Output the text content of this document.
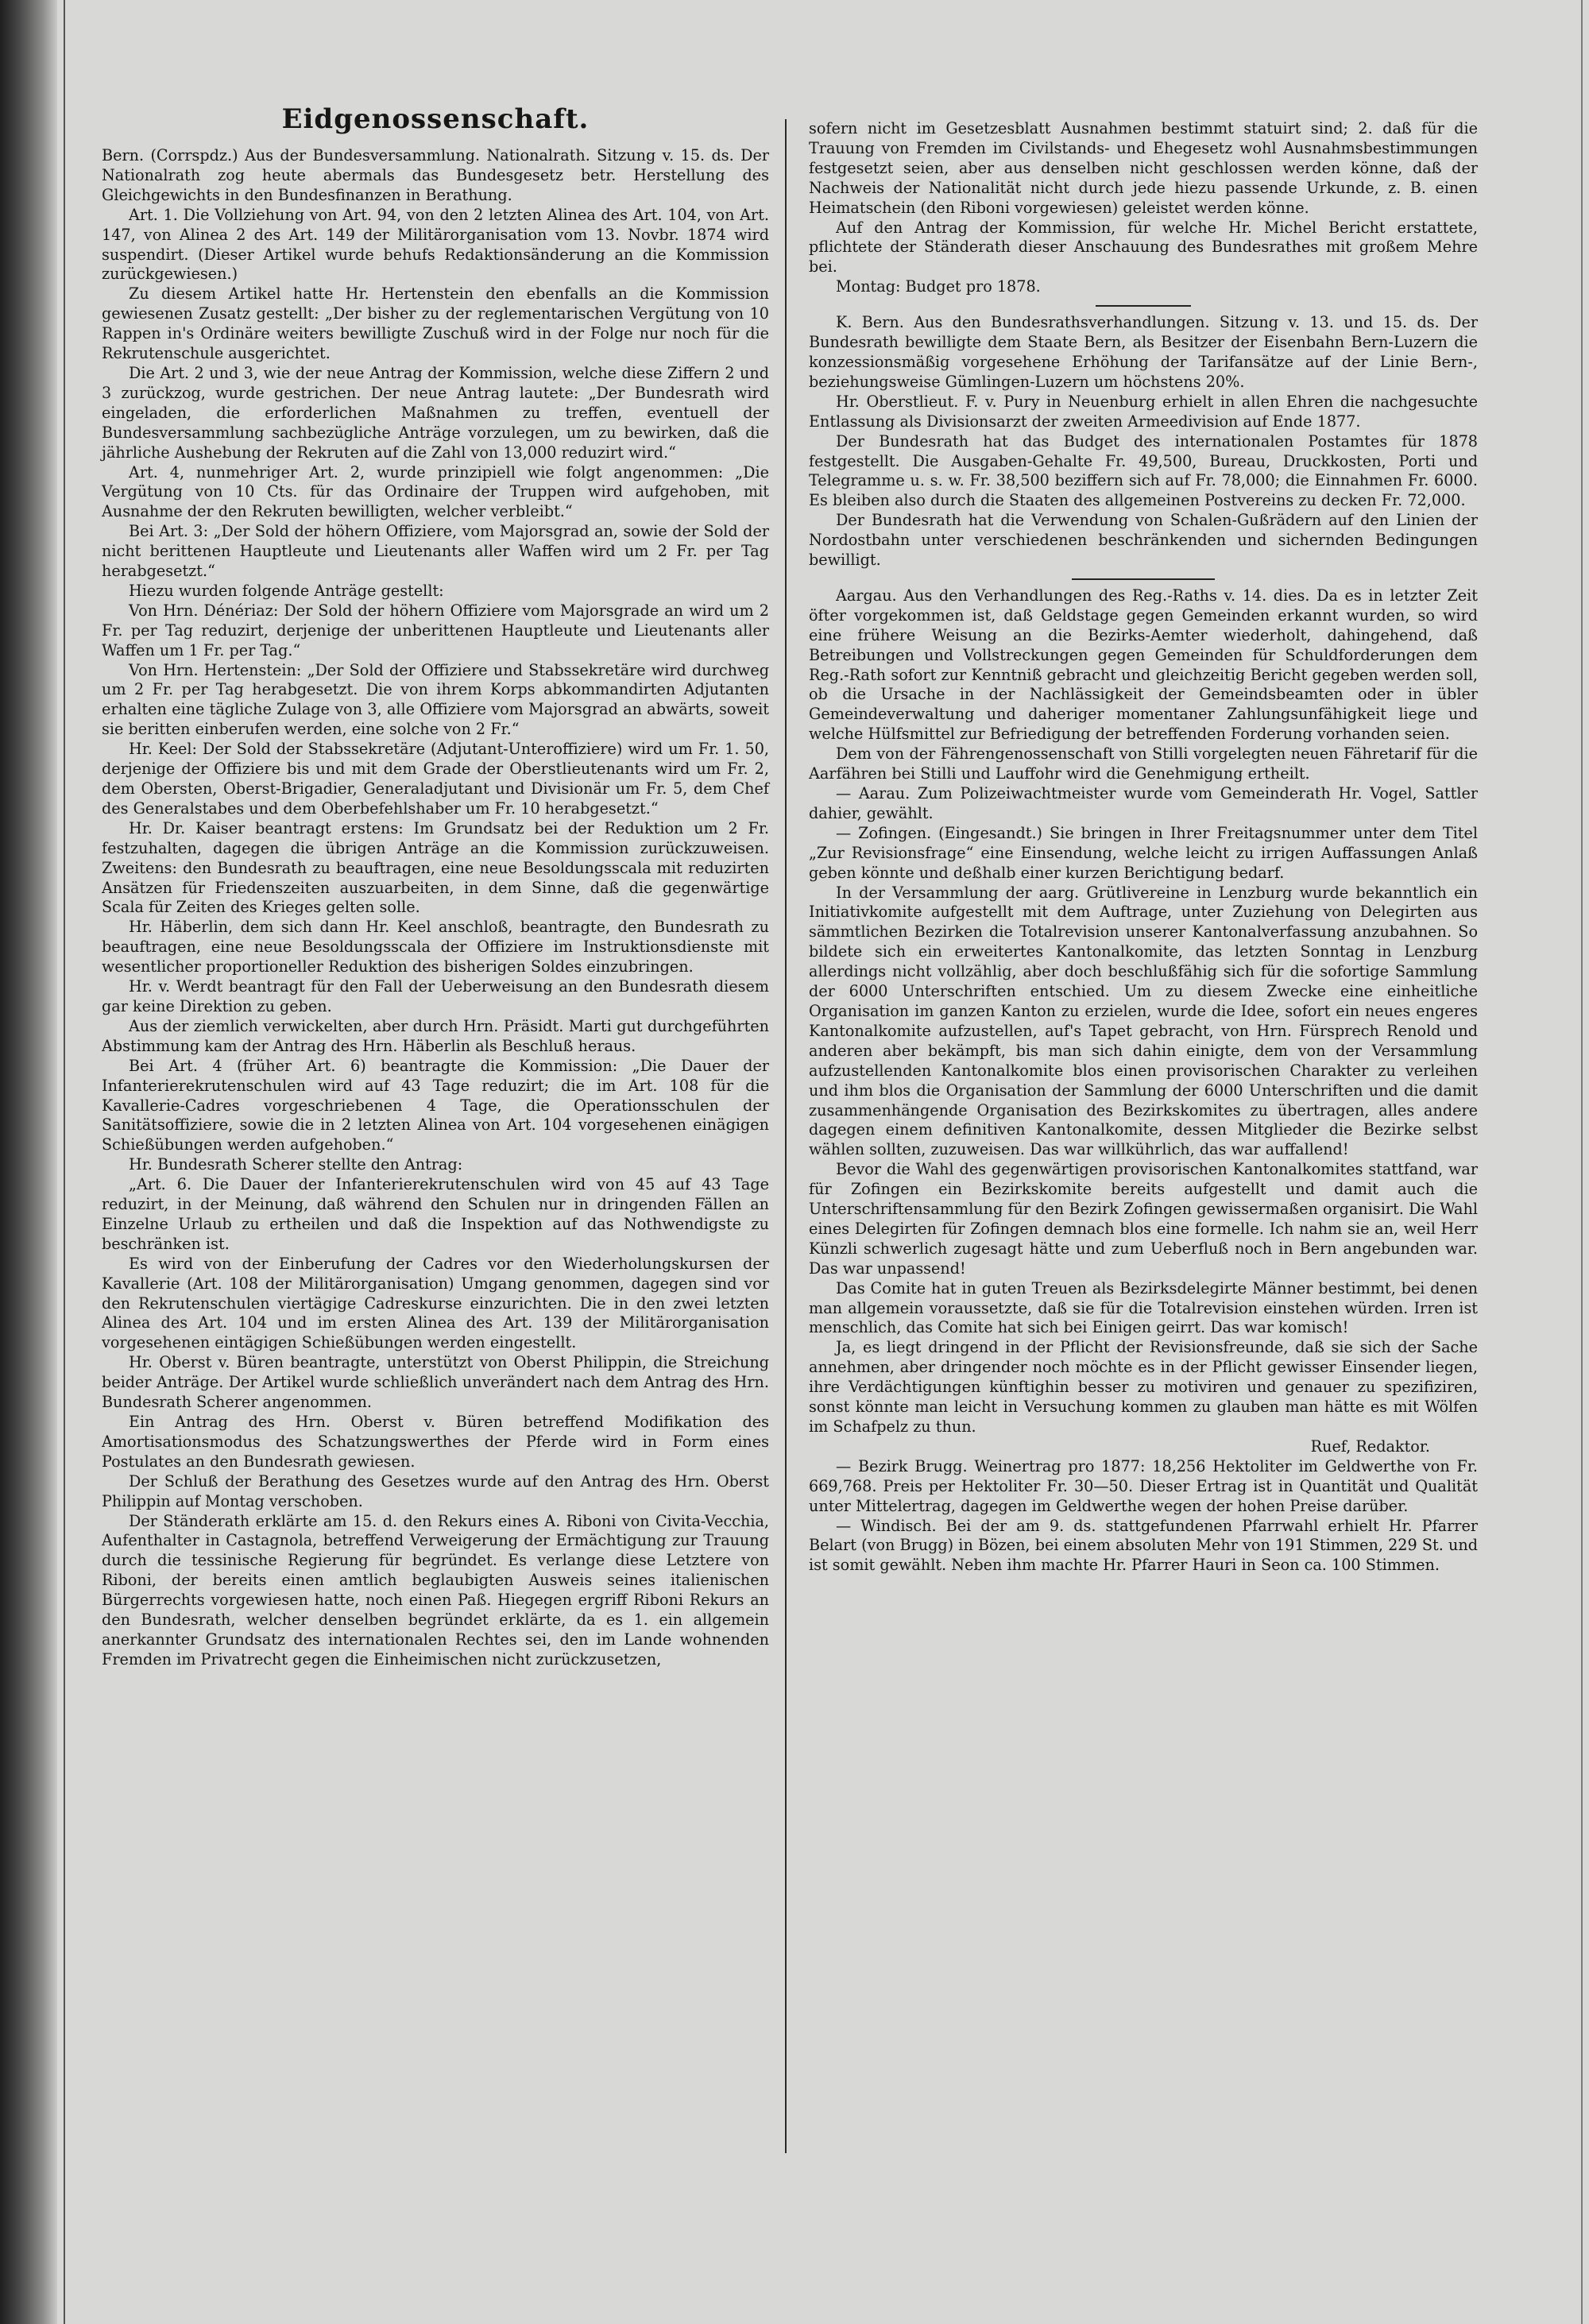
Eidgenossenschaft.

Bern. (Corrspdz.) Aus der Bundesversammlung. Nationalrath. Sitzung v. 15. ds. Der Nationalrath zog heute abermals das Bundesgesetz betr. Herstellung des Gleichgewichts in den Bundesfinanzen in Berathung.

Art. 1. Die Vollziehung von Art. 94, von den 2 letzten Alinea des Art. 104, von Art. 147, von Alinea 2 des Art. 149 der Militärorganisation vom 13. Novbr. 1874 wird suspendirt. (Dieser Artikel wurde behufs Redaktionsänderung an die Kommission zurückgewiesen.)

Zu diesem Artikel hatte Hr. Hertenstein den ebenfalls an die Kommission gewiesenen Zusatz gestellt: „Der bisher zu der reglementarischen Vergütung von 10 Rappen in's Ordinäre weiters bewilligte Zuschuß wird in der Folge nur noch für die Rekrutenschule ausgerichtet.

Die Art. 2 und 3, wie der neue Antrag der Kommission, welche diese Ziffern 2 und 3 zurückzog, wurde gestrichen. Der neue Antrag lautete: „Der Bundesrath wird eingeladen, die erforderlichen Maßnahmen zu treffen, eventuell der Bundesversammlung sachbezügliche Anträge vorzulegen, um zu bewirken, daß die jährliche Aushebung der Rekruten auf die Zahl von 13,000 reduzirt wird.“

Art. 4, nunmehriger Art. 2, wurde prinzipiell wie folgt angenommen: „Die Vergütung von 10 Cts. für das Ordinaire der Truppen wird aufgehoben, mit Ausnahme der den Rekruten bewilligten, welcher verbleibt.“

Bei Art. 3: „Der Sold der höhern Offiziere, vom Majorsgrad an, sowie der Sold der nicht berittenen Hauptleute und Lieutenants aller Waffen wird um 2 Fr. per Tag herabgesetzt.“

Hiezu wurden folgende Anträge gestellt:

Von Hrn. Dénériaz: Der Sold der höhern Offiziere vom Majorsgrade an wird um 2 Fr. per Tag reduzirt, derjenige der unberittenen Hauptleute und Lieutenants aller Waffen um 1 Fr. per Tag.“

Von Hrn. Hertenstein: „Der Sold der Offiziere und Stabssekretäre wird durchweg um 2 Fr. per Tag herabgesetzt. Die von ihrem Korps abkommandirten Adjutanten erhalten eine tägliche Zulage von 3, alle Offiziere vom Majorsgrad an abwärts, soweit sie beritten einberufen werden, eine solche von 2 Fr.“

Hr. Keel: Der Sold der Stabssekretäre (Adjutant-Unteroffiziere) wird um Fr. 1. 50, derjenige der Offiziere bis und mit dem Grade der Oberstlieutenants wird um Fr. 2, dem Obersten, Oberst-Brigadier, Generaladjutant und Divisionär um Fr. 5, dem Chef des Generalstabes und dem Oberbefehlshaber um Fr. 10 herabgesetzt.“

Hr. Dr. Kaiser beantragt erstens: Im Grundsatz bei der Reduktion um 2 Fr. festzuhalten, dagegen die übrigen Anträge an die Kommission zurückzuweisen. Zweitens: den Bundesrath zu beauftragen, eine neue Besoldungsscala mit reduzirten Ansätzen für Friedenszeiten auszuarbeiten, in dem Sinne, daß die gegenwärtige Scala für Zeiten des Krieges gelten solle.

Hr. Häberlin, dem sich dann Hr. Keel anschloß, beantragte, den Bundesrath zu beauftragen, eine neue Besoldungsscala der Offiziere im Instruktionsdienste mit wesentlicher proportioneller Reduktion des bisherigen Soldes einzubringen.

Hr. v. Werdt beantragt für den Fall der Ueberweisung an den Bundesrath diesem gar keine Direktion zu geben.

Aus der ziemlich verwickelten, aber durch Hrn. Präsidt. Marti gut durchgeführten Abstimmung kam der Antrag des Hrn. Häberlin als Beschluß heraus.

Bei Art. 4 (früher Art. 6) beantragte die Kommission: „Die Dauer der Infanterierekrutenschulen wird auf 43 Tage reduzirt; die im Art. 108 für die Kavallerie-Cadres vorgeschriebenen 4 Tage, die Operationsschulen der Sanitätsoffiziere, sowie die in 2 letzten Alinea von Art. 104 vorgesehenen einägigen Schießübungen werden aufgehoben.“

Hr. Bundesrath Scherer stellte den Antrag:

„Art. 6. Die Dauer der Infanterierekrutenschulen wird von 45 auf 43 Tage reduzirt, in der Meinung, daß während den Schulen nur in dringenden Fällen an Einzelne Urlaub zu ertheilen und daß die Inspektion auf das Nothwendigste zu beschränken ist.

Es wird von der Einberufung der Cadres vor den Wiederholungskursen der Kavallerie (Art. 108 der Militärorganisation) Umgang genommen, dagegen sind vor den Rekrutenschulen viertägige Cadreskurse einzurichten. Die in den zwei letzten Alinea des Art. 104 und im ersten Alinea des Art. 139 der Militärorganisation vorgesehenen eintägigen Schießübungen werden eingestellt.

Hr. Oberst v. Büren beantragte, unterstützt von Oberst Philippin, die Streichung beider Anträge. Der Artikel wurde schließlich unverändert nach dem Antrag des Hrn. Bundesrath Scherer angenommen.

Ein Antrag des Hrn. Oberst v. Büren betreffend Modifikation des Amortisationsmodus des Schatzungswerthes der Pferde wird in Form eines Postulates an den Bundesrath gewiesen.

Der Schluß der Berathung des Gesetzes wurde auf den Antrag des Hrn. Oberst Philippin auf Montag verschoben.

Der Ständerath erklärte am 15. d. den Rekurs eines A. Riboni von Civita-Vecchia, Aufenthalter in Castagnola, betreffend Verweigerung der Ermächtigung zur Trauung durch die tessinische Regierung für begründet. Es verlange diese Letztere von Riboni, der bereits einen amtlich beglaubigten Ausweis seines italienischen Bürgerrechts vorgewiesen hatte, noch einen Paß. Hiegegen ergriff Riboni Rekurs an den Bundesrath, welcher denselben begründet erklärte, da es 1. ein allgemein anerkannter Grundsatz des internationalen Rechtes sei, den im Lande wohnenden Fremden im Privatrecht gegen die Einheimischen nicht zurückzusetzen,

sofern nicht im Gesetzesblatt Ausnahmen bestimmt statuirt sind; 2. daß für die Trauung von Fremden im Civilstands- und Ehegesetz wohl Ausnahmsbestimmungen festgesetzt seien, aber aus denselben nicht geschlossen werden könne, daß der Nachweis der Nationalität nicht durch jede hiezu passende Urkunde, z. B. einen Heimatschein (den Riboni vorgewiesen) geleistet werden könne.

Auf den Antrag der Kommission, für welche Hr. Michel Bericht erstattete, pflichtete der Ständerath dieser Anschauung des Bundesrathes mit großem Mehre bei.

Montag: Budget pro 1878.

K. Bern. Aus den Bundesrathsverhandlungen. Sitzung v. 13. und 15. ds. Der Bundesrath bewilligte dem Staate Bern, als Besitzer der Eisenbahn Bern-Luzern die konzessionsmäßig vorgesehene Erhöhung der Tarifansätze auf der Linie Bern-, beziehungsweise Gümlingen-Luzern um höchstens 20%.

Hr. Oberstlieut. F. v. Pury in Neuenburg erhielt in allen Ehren die nachgesuchte Entlassung als Divisionsarzt der zweiten Armeedivision auf Ende 1877.

Der Bundesrath hat das Budget des internationalen Postamtes für 1878 festgestellt. Die Ausgaben-Gehalte Fr. 49,500, Bureau, Druckkosten, Porti und Telegramme u. s. w. Fr. 38,500 beziffern sich auf Fr. 78,000; die Einnahmen Fr. 6000. Es bleiben also durch die Staaten des allgemeinen Postvereins zu decken Fr. 72,000.

Der Bundesrath hat die Verwendung von Schalen-Gußrädern auf den Linien der Nordostbahn unter verschiedenen beschränkenden und sichernden Bedingungen bewilligt.

Aargau. Aus den Verhandlungen des Reg.-Raths v. 14. dies. Da es in letzter Zeit öfter vorgekommen ist, daß Geldstage gegen Gemeinden erkannt wurden, so wird eine frühere Weisung an die Bezirks-Aemter wiederholt, dahingehend, daß Betreibungen und Vollstreckungen gegen Gemeinden für Schuldforderungen dem Reg.-Rath sofort zur Kenntniß gebracht und gleichzeitig Bericht gegeben werden soll, ob die Ursache in der Nachlässigkeit der Gemeindsbeamten oder in übler Gemeindeverwaltung und daheriger momentaner Zahlungsunfähigkeit liege und welche Hülfsmittel zur Befriedigung der betreffenden Forderung vorhanden seien.

Dem von der Fährengenossenschaft von Stilli vorgelegten neuen Fähretarif für die Aarfähren bei Stilli und Lauffohr wird die Genehmigung ertheilt.

— Aarau. Zum Polizeiwachtmeister wurde vom Gemeinderath Hr. Vogel, Sattler dahier, gewählt.

— Zofingen. (Eingesandt.) Sie bringen in Ihrer Freitagsnummer unter dem Titel „Zur Revisionsfrage“ eine Einsendung, welche leicht zu irrigen Auffassungen Anlaß geben könnte und deßhalb einer kurzen Berichtigung bedarf.

In der Versammlung der aarg. Grütlivereine in Lenzburg wurde bekanntlich ein Initiativkomite aufgestellt mit dem Auftrage, unter Zuziehung von Delegirten aus sämmtlichen Bezirken die Totalrevision unserer Kantonalverfassung anzubahnen. So bildete sich ein erweitertes Kantonalkomite, das letzten Sonntag in Lenzburg allerdings nicht vollzählig, aber doch beschlußfähig sich für die sofortige Sammlung der 6000 Unterschriften entschied. Um zu diesem Zwecke eine einheitliche Organisation im ganzen Kanton zu erzielen, wurde die Idee, sofort ein neues engeres Kantonalkomite aufzustellen, auf's Tapet gebracht, von Hrn. Fürsprech Renold und anderen aber bekämpft, bis man sich dahin einigte, dem von der Versammlung aufzustellenden Kantonalkomite blos einen provisorischen Charakter zu verleihen und ihm blos die Organisation der Sammlung der 6000 Unterschriften und die damit zusammenhängende Organisation des Bezirkskomites zu übertragen, alles andere dagegen einem definitiven Kantonalkomite, dessen Mitglieder die Bezirke selbst wählen sollten, zuzuweisen. Das war willkührlich, das war auffallend!

Bevor die Wahl des gegenwärtigen provisorischen Kantonalkomites stattfand, war für Zofingen ein Bezirkskomite bereits aufgestellt und damit auch die Unterschriftensammlung für den Bezirk Zofingen gewissermaßen organisirt. Die Wahl eines Delegirten für Zofingen demnach blos eine formelle. Ich nahm sie an, weil Herr Künzli schwerlich zugesagt hätte und zum Ueberfluß noch in Bern angebunden war. Das war unpassend!

Das Comite hat in guten Treuen als Bezirksdelegirte Männer bestimmt, bei denen man allgemein voraussetzte, daß sie für die Totalrevision einstehen würden. Irren ist menschlich, das Comite hat sich bei Einigen geirrt. Das war komisch!

Ja, es liegt dringend in der Pflicht der Revisionsfreunde, daß sie sich der Sache annehmen, aber dringender noch möchte es in der Pflicht gewisser Einsender liegen, ihre Verdächtigungen künftighin besser zu motiviren und genauer zu spezifiziren, sonst könnte man leicht in Versuchung kommen zu glauben man hätte es mit Wölfen im Schafpelz zu thun.

Ruef, Redaktor.

— Bezirk Brugg. Weinertrag pro 1877: 18,256 Hektoliter im Geldwerthe von Fr. 669,768. Preis per Hektoliter Fr. 30—50. Dieser Ertrag ist in Quantität und Qualität unter Mittelertrag, dagegen im Geldwerthe wegen der hohen Preise darüber.

— Windisch. Bei der am 9. ds. stattgefundenen Pfarrwahl erhielt Hr. Pfarrer Belart (von Brugg) in Bözen, bei einem absoluten Mehr von 191 Stimmen, 229 St. und ist somit gewählt. Neben ihm machte Hr. Pfarrer Hauri in Seon ca. 100 Stimmen.
